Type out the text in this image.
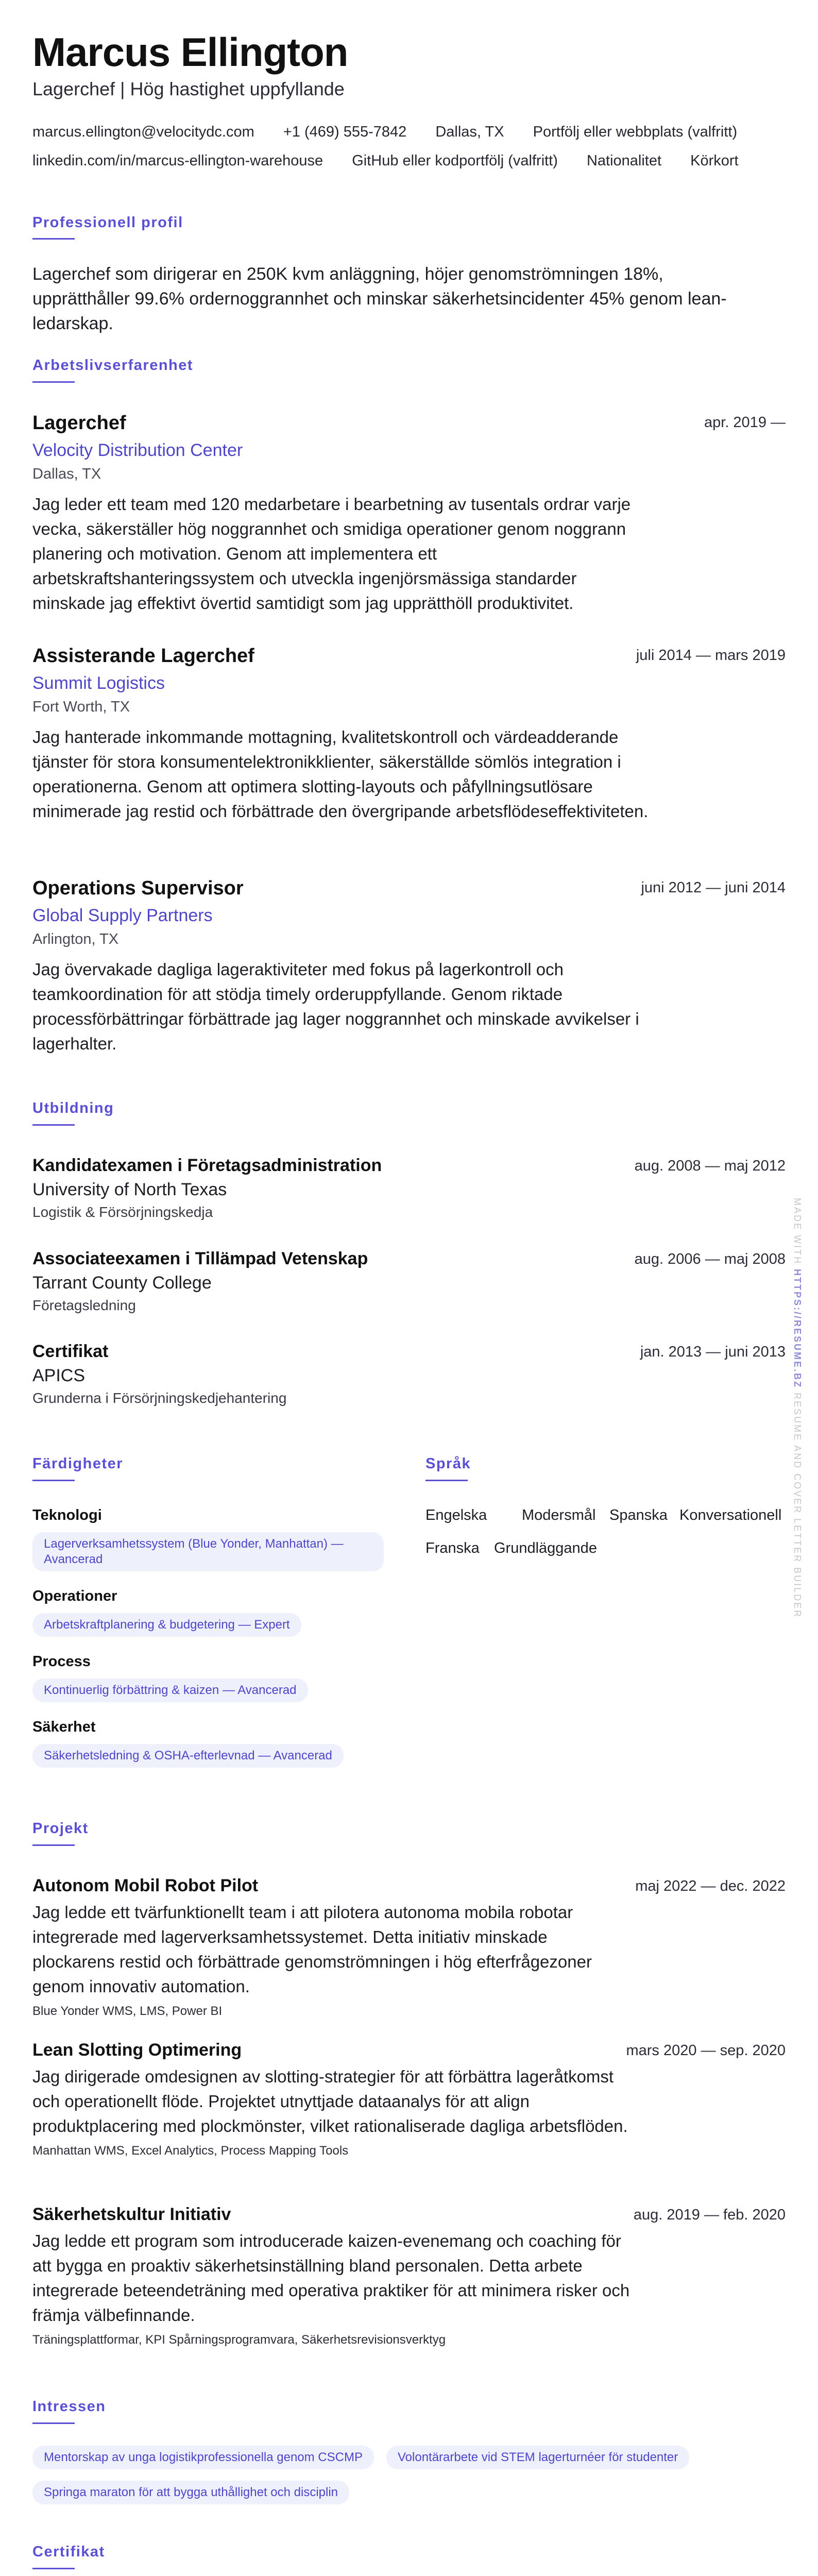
Marcus Ellington
Lagerchef | Hög hastighet uppfyllande
marcus.ellington@velocitydc.com +1 (469) 555-7842 Dallas, TX Portfölj eller webbplats (valfritt)
linkedin.com/in/marcus-ellington-warehouse GitHub eller kodportfölj (valfritt) Nationalitet Körkort
Professionell profil
Lagerchef som dirigerar en 250K kvm anläggning, höjer genomströmningen 18%, upprätthåller 99.6% ordernoggrannhet och minskar säkerhetsincidenter 45% genom lean-ledarskap.
Arbetslivserfarenhet
Lagerchef
Velocity Distribution Center
Dallas, TX
Jag leder ett team med 120 medarbetare i bearbetning av tusentals ordrar varje vecka, säkerställer hög noggrannhet och smidiga operationer genom noggrann planering och motivation. Genom att implementera ett arbetskraftshanteringssystem och utveckla ingenjörsmässiga standarder minskade jag effektivt övertid samtidigt som jag upprätthöll produktivitet.
apr. 2019 —
Assisterande Lagerchef
Summit Logistics
Fort Worth, TX
Jag hanterade inkommande mottagning, kvalitetskontroll och värdeadderande tjänster för stora konsumentelektronikklienter, säkerställde sömlös integration i operationerna. Genom att optimera slotting-layouts och påfyllningsutlösare minimerade jag restid och förbättrade den övergripande arbetsflödeseffektiviteten.
juli 2014 — mars 2019
Operations Supervisor
Global Supply Partners
Arlington, TX
Jag övervakade dagliga lageraktiviteter med fokus på lagerkontroll och teamkoordination för att stödja timely orderuppfyllande. Genom riktade processförbättringar förbättrade jag lager noggrannhet och minskade avvikelser i lagerhalter.
juni 2012 — juni 2014
Utbildning
Kandidatexamen i Företagsadministration
University of North Texas
Logistik & Försörjningskedja
aug. 2008 — maj 2012
Associateexamen i Tillämpad Vetenskap
Tarrant County College
Företagsledning
aug. 2006 — maj 2008
Certifikat
APICS
Grunderna i Försörjningskedjehantering
jan. 2013 — juni 2013
Färdigheter
Teknologi
Lagerverksamhetssystem (Blue Yonder, Manhattan) — Avancerad
Operationer
Arbetskraftplanering & budgetering — Expert
Process
Kontinuerlig förbättring & kaizen — Avancerad
Säkerhet
Säkerhetsledning & OSHA-efterlevnad — Avancerad
Språk
Engelska Modersmål Spanska Konversationell
Franska Grundläggande
Projekt
Autonom Mobil Robot Pilot
Jag ledde ett tvärfunktionellt team i att pilotera autonoma mobila robotar integrerade med lagerverksamhetssystemet. Detta initiativ minskade plockarens restid och förbättrade genomströmningen i hög efterfrågezoner genom innovativ automation.
Blue Yonder WMS, LMS, Power BI
maj 2022 — dec. 2022
Lean Slotting Optimering
Jag dirigerade omdesignen av slotting-strategier för att förbättra lageråtkomst och operationellt flöde. Projektet utnyttjade dataanalys för att align produktplacering med plockmönster, vilket rationaliserade dagliga arbetsflöden.
Manhattan WMS, Excel Analytics, Process Mapping Tools
mars 2020 — sep. 2020
Säkerhetskultur Initiativ
Jag ledde ett program som introducerade kaizen-evenemang och coaching för att bygga en proaktiv säkerhetsinställning bland personalen. Detta arbete integrerade beteendeträning med operativa praktiker för att minimera risker och främja välbefinnande.
Träningsplattformar, KPI Spårningsprogramvara, Säkerhetsrevisionsverktyg
aug. 2019 — feb. 2020
Intressen
Mentorskap av unga logistikprofessionella genom CSCMP	Volontärarbete vid STEM lagerturnéer för studenter
Springa maraton för att bygga uthållighet och disciplin
Certifikat
MADE WITH HTTPS://RESUME.BZ RESUME AND COVER LETTER BUILDER
